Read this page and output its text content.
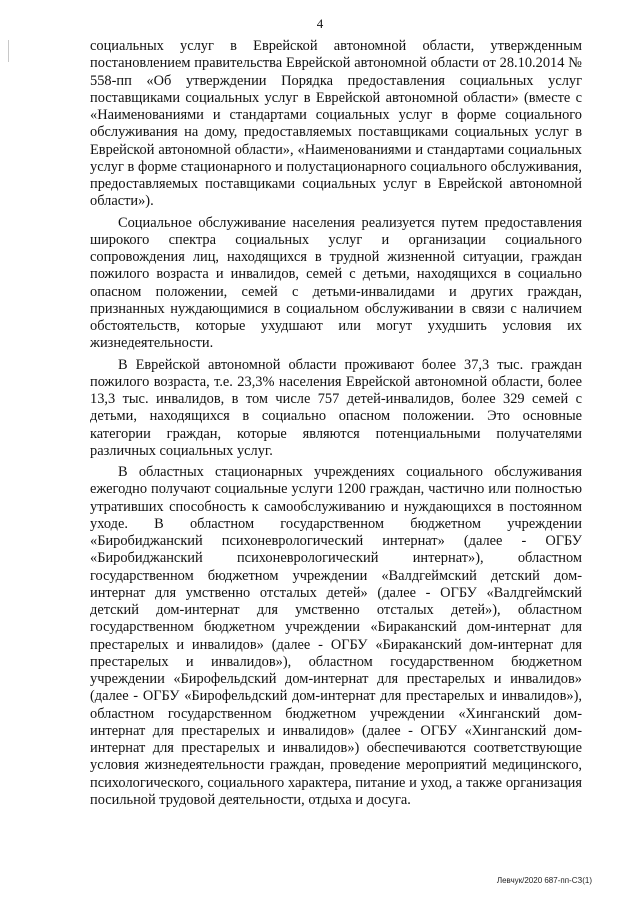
4

социальных услуг в Еврейской автономной области, утвержденным постановлением правительства Еврейской автономной области от 28.10.2014 № 558-пп «Об утверждении Порядка предоставления социальных услуг поставщиками социальных услуг в Еврейской автономной области» (вместе с «Наименованиями и стандартами социальных услуг в форме социального обслуживания на дому, предоставляемых поставщиками социальных услуг в Еврейской автономной области», «Наименованиями и стандартами социальных услуг в форме стационарного и полустационарного социального обслуживания, предоставляемых поставщиками социальных услуг в Еврейской автономной области»).

Социальное обслуживание населения реализуется путем предоставления широкого спектра социальных услуг и организации социального сопровождения лиц, находящихся в трудной жизненной ситуации, граждан пожилого возраста и инвалидов, семей с детьми, находящихся в социально опасном положении, семей с детьми-инвалидами и других граждан, признанных нуждающимися в социальном обслуживании в связи с наличием обстоятельств, которые ухудшают или могут ухудшить условия их жизнедеятельности.

В Еврейской автономной области проживают более 37,3 тыс. граждан пожилого возраста, т.е. 23,3% населения Еврейской автономной области, более 13,3 тыс. инвалидов, в том числе 757 детей-инвалидов, более 329 семей с детьми, находящихся в социально опасном положении. Это основные категории граждан, которые являются потенциальными получателями различных социальных услуг.

В областных стационарных учреждениях социального обслуживания ежегодно получают социальные услуги 1200 граждан, частично или полностью утративших способность к самообслуживанию и нуждающихся в постоянном уходе. В областном государственном бюджетном учреждении «Биробиджанский психоневрологический интернат» (далее - ОГБУ «Биробиджанский психоневрологический интернат»), областном государственном бюджетном учреждении «Валдгеймский детский дом-интернат для умственно отсталых детей» (далее - ОГБУ «Валдгеймский детский дом-интернат для умственно отсталых детей»), областном государственном бюджетном учреждении «Бираканский дом-интернат для престарелых и инвалидов» (далее - ОГБУ «Бираканский дом-интернат для престарелых и инвалидов»), областном государственном бюджетном учреждении «Бирофельдский дом-интернат для престарелых и инвалидов» (далее - ОГБУ «Бирофельдский дом-интернат для престарелых и инвалидов»), областном государственном бюджетном учреждении «Хинганский дом-интернат для престарелых и инвалидов» (далее - ОГБУ «Хинганский дом-интернат для престарелых и инвалидов») обеспечиваются соответствующие условия жизнедеятельности граждан, проведение мероприятий медицинского, психологического, социального характера, питание и уход, а также организация посильной трудовой деятельности, отдыха и досуга.

Левчук/2020 687-пп-СЗ(1)
